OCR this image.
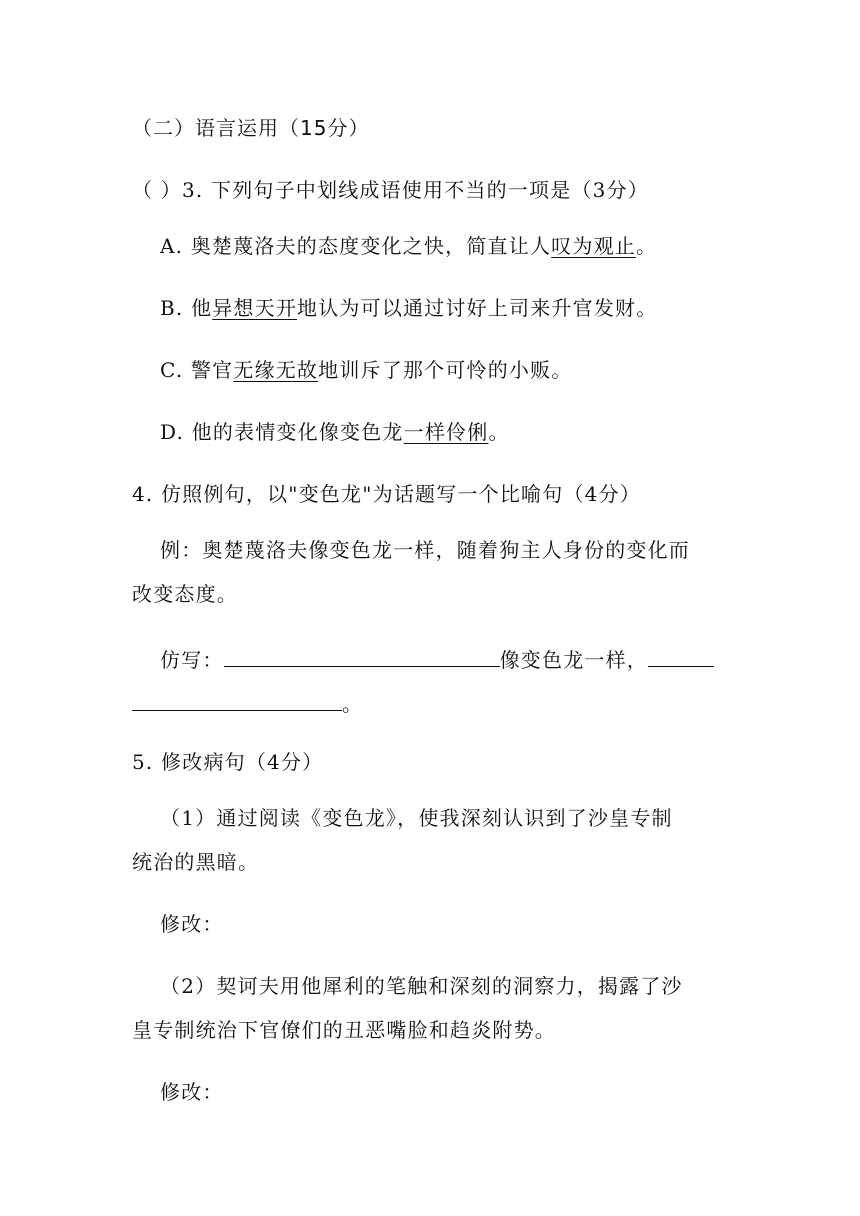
（二）语言运用（15分）
（ ）3. 下列句子中划线成语使用不当的一项是（3分）
A. 奥楚蔑洛夫的态度变化之快，简直让人叹为观止。
B. 他异想天开地认为可以通过讨好上司来升官发财。
C. 警官无缘无故地训斥了那个可怜的小贩。
D. 他的表情变化像变色龙一样伶俐。
4. 仿照例句，以"变色龙"为话题写一个比喻句（4分）
例：奥楚蔑洛夫像变色龙一样，随着狗主人身份的变化而
改变态度。
仿写：	像变色龙一样，
。
5. 修改病句（4分）
（1）通过阅读《变色龙》，使我深刻认识到了沙皇专制
统治的黑暗。
修改：
（2）契诃夫用他犀利的笔触和深刻的洞察力，揭露了沙
皇专制统治下官僚们的丑恶嘴脸和趋炎附势。
修改：
